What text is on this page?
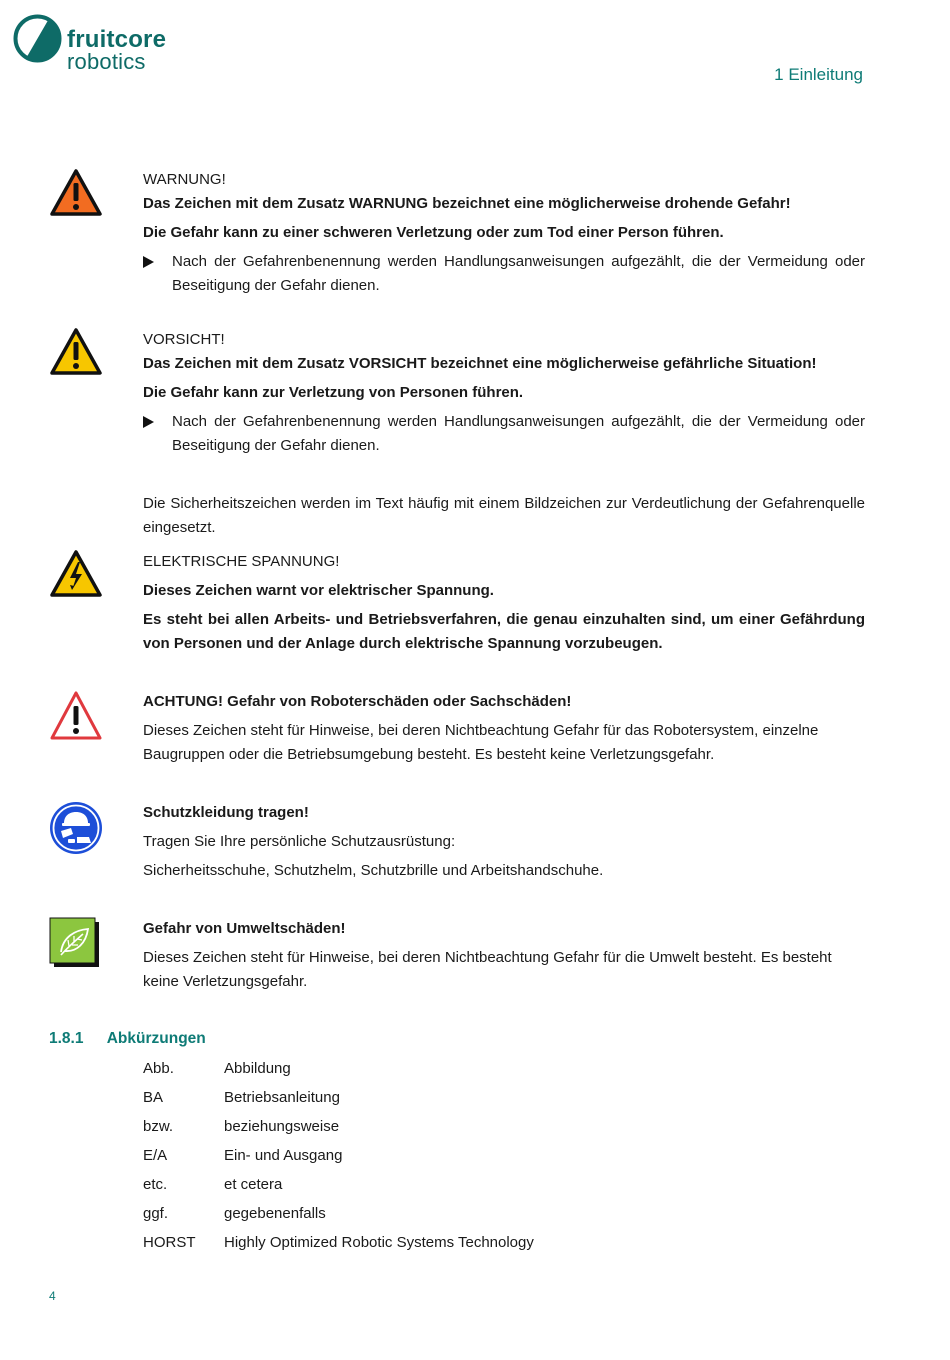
fruitcore
robotics
1 Einleitung
WARNUNG!
Das Zeichen mit dem Zusatz WARNUNG bezeichnet eine möglicherweise drohende Gefahr!
Die Gefahr kann zu einer schweren Verletzung oder zum Tod einer Person führen.
Nach der Gefahrenbenennung werden Handlungsanweisungen aufgezählt, die der Vermeidung oder Beseitigung der Gefahr dienen.
VORSICHT!
Das Zeichen mit dem Zusatz VORSICHT bezeichnet eine möglicherweise gefährliche Situation!
Die Gefahr kann zur Verletzung von Personen führen.
Nach der Gefahrenbenennung werden Handlungsanweisungen aufgezählt, die der Vermeidung oder Beseitigung der Gefahr dienen.
Die Sicherheitszeichen werden im Text häufig mit einem Bildzeichen zur Verdeutlichung der Gefahrenquelle eingesetzt.
ELEKTRISCHE SPANNUNG!
Dieses Zeichen warnt vor elektrischer Spannung.
Es steht bei allen Arbeits- und Betriebsverfahren, die genau einzuhalten sind, um einer Gefährdung von Personen und der Anlage durch elektrische Spannung vorzubeugen.
ACHTUNG! Gefahr von Roboterschäden oder Sachschäden!
Dieses Zeichen steht für Hinweise, bei deren Nichtbeachtung Gefahr für das Robotersystem, einzelne Baugruppen oder die Betriebsumgebung besteht. Es besteht keine Verletzungsgefahr.
Schutzkleidung tragen!
Tragen Sie Ihre persönliche Schutzausrüstung:
Sicherheitsschuhe, Schutzhelm, Schutzbrille und Arbeitshandschuhe.
Gefahr von Umweltschäden!
Dieses Zeichen steht für Hinweise, bei deren Nichtbeachtung Gefahr für die Umwelt besteht. Es besteht keine Verletzungsgefahr.
1.8.1 Abkürzungen
Abb.	Abbildung
BA	Betriebsanleitung
bzw.	beziehungsweise
E/A	Ein- und Ausgang
etc.	et cetera
ggf.	gegebenenfalls
HORST Highly Optimized Robotic Systems Technology
4
